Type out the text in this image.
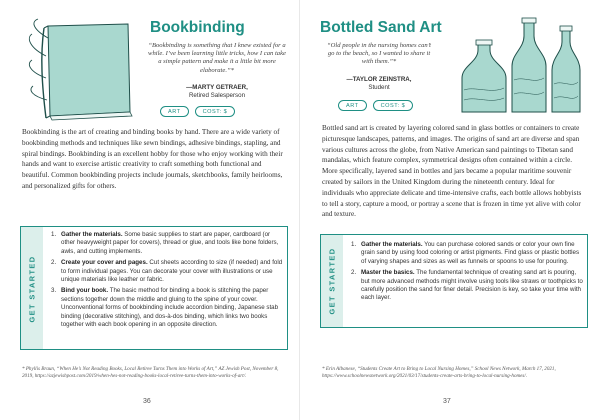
Bookbinding
“Bookbinding is something that I knew existed for a while. I’ve been learning little tricks, how I can take a simple pattern and make it a little bit more elaborate.”*
—MARTY GETRAER,
Retired Salesperson
ART	COST: $
Bookbinding is the art of creating and binding books by hand. There are a wide variety of bookbinding methods and techniques like sewn bindings, adhesive bindings, stapling, and spiral bindings. Bookbinding is an excellent hobby for those who enjoy working with their hands and want to exercise artistic creativity to craft something both functional and beautiful. Common bookbinding projects include journals, sketchbooks, family heirlooms, and personalized gifts for others.
GET STARTED
1. Gather the materials. Some basic supplies to start are paper, cardboard (or other heavyweight paper for covers), thread or glue, and tools like bone folders, awls, and cutting implements.
2. Create your cover and pages. Cut sheets according to size (if needed) and fold to form individual pages. You can decorate your cover with illustrations or use unique materials like leather or fabric.
3. Bind your book. The basic method for binding a book is stitching the paper sections together down the middle and gluing to the spine of your cover. Unconventional forms of bookbinding include accordion binding, Japanese stab binding (decorative stitching), and dos-à-dos binding, which links two books together with each book opening in an opposite direction.
* Phyllis Braun, “When He’s Not Reading Books, Local Retiree Turns Them into Works of Art,” AZ Jewish Post, November 8, 2019, https://azjewishpost.com/2019/when-hes-not-reading-books-local-retiree-turns-them-into-works-of-art/.
36
Bottled Sand Art
“Old people in the nursing homes can’t go to the beach, so I wanted to share it with them.”*
—TAYLOR ZEINSTRA,
Student
ART	COST: $
Bottled sand art is created by layering colored sand in glass bottles or containers to create picturesque landscapes, patterns, and images. The origins of sand art are diverse and span various cultures across the globe, from Native American sand paintings to Tibetan sand mandalas, which feature complex, symmetrical designs often contained within a circle. More specifically, layered sand in bottles and jars became a popular maritime souvenir created by sailors in the United Kingdom during the nineteenth century. Ideal for individuals who appreciate delicate and time-intensive crafts, each bottle allows hobbyists to tell a story, capture a mood, or portray a scene that is frozen in time yet alive with color and texture.
GET STARTED
1. Gather the materials. You can purchase colored sands or color your own fine grain sand by using food coloring or artist pigments. Find glass or plastic bottles of varying shapes and sizes as well as funnels or spoons to use for pouring.
2. Master the basics. The fundamental technique of creating sand art is pouring, but more advanced methods might involve using tools like straws or toothpicks to carefully position the sand for finer detail. Precision is key, so take your time with each layer.
* Erin Albanese, “Students Create Art to Bring to Local Nursing Homes,” School News Network, March 17, 2021, https://www.schoolnewsnetwork.org/2021/03/17/students-create-arts-bring-to-local-nursing-homes/.
37
